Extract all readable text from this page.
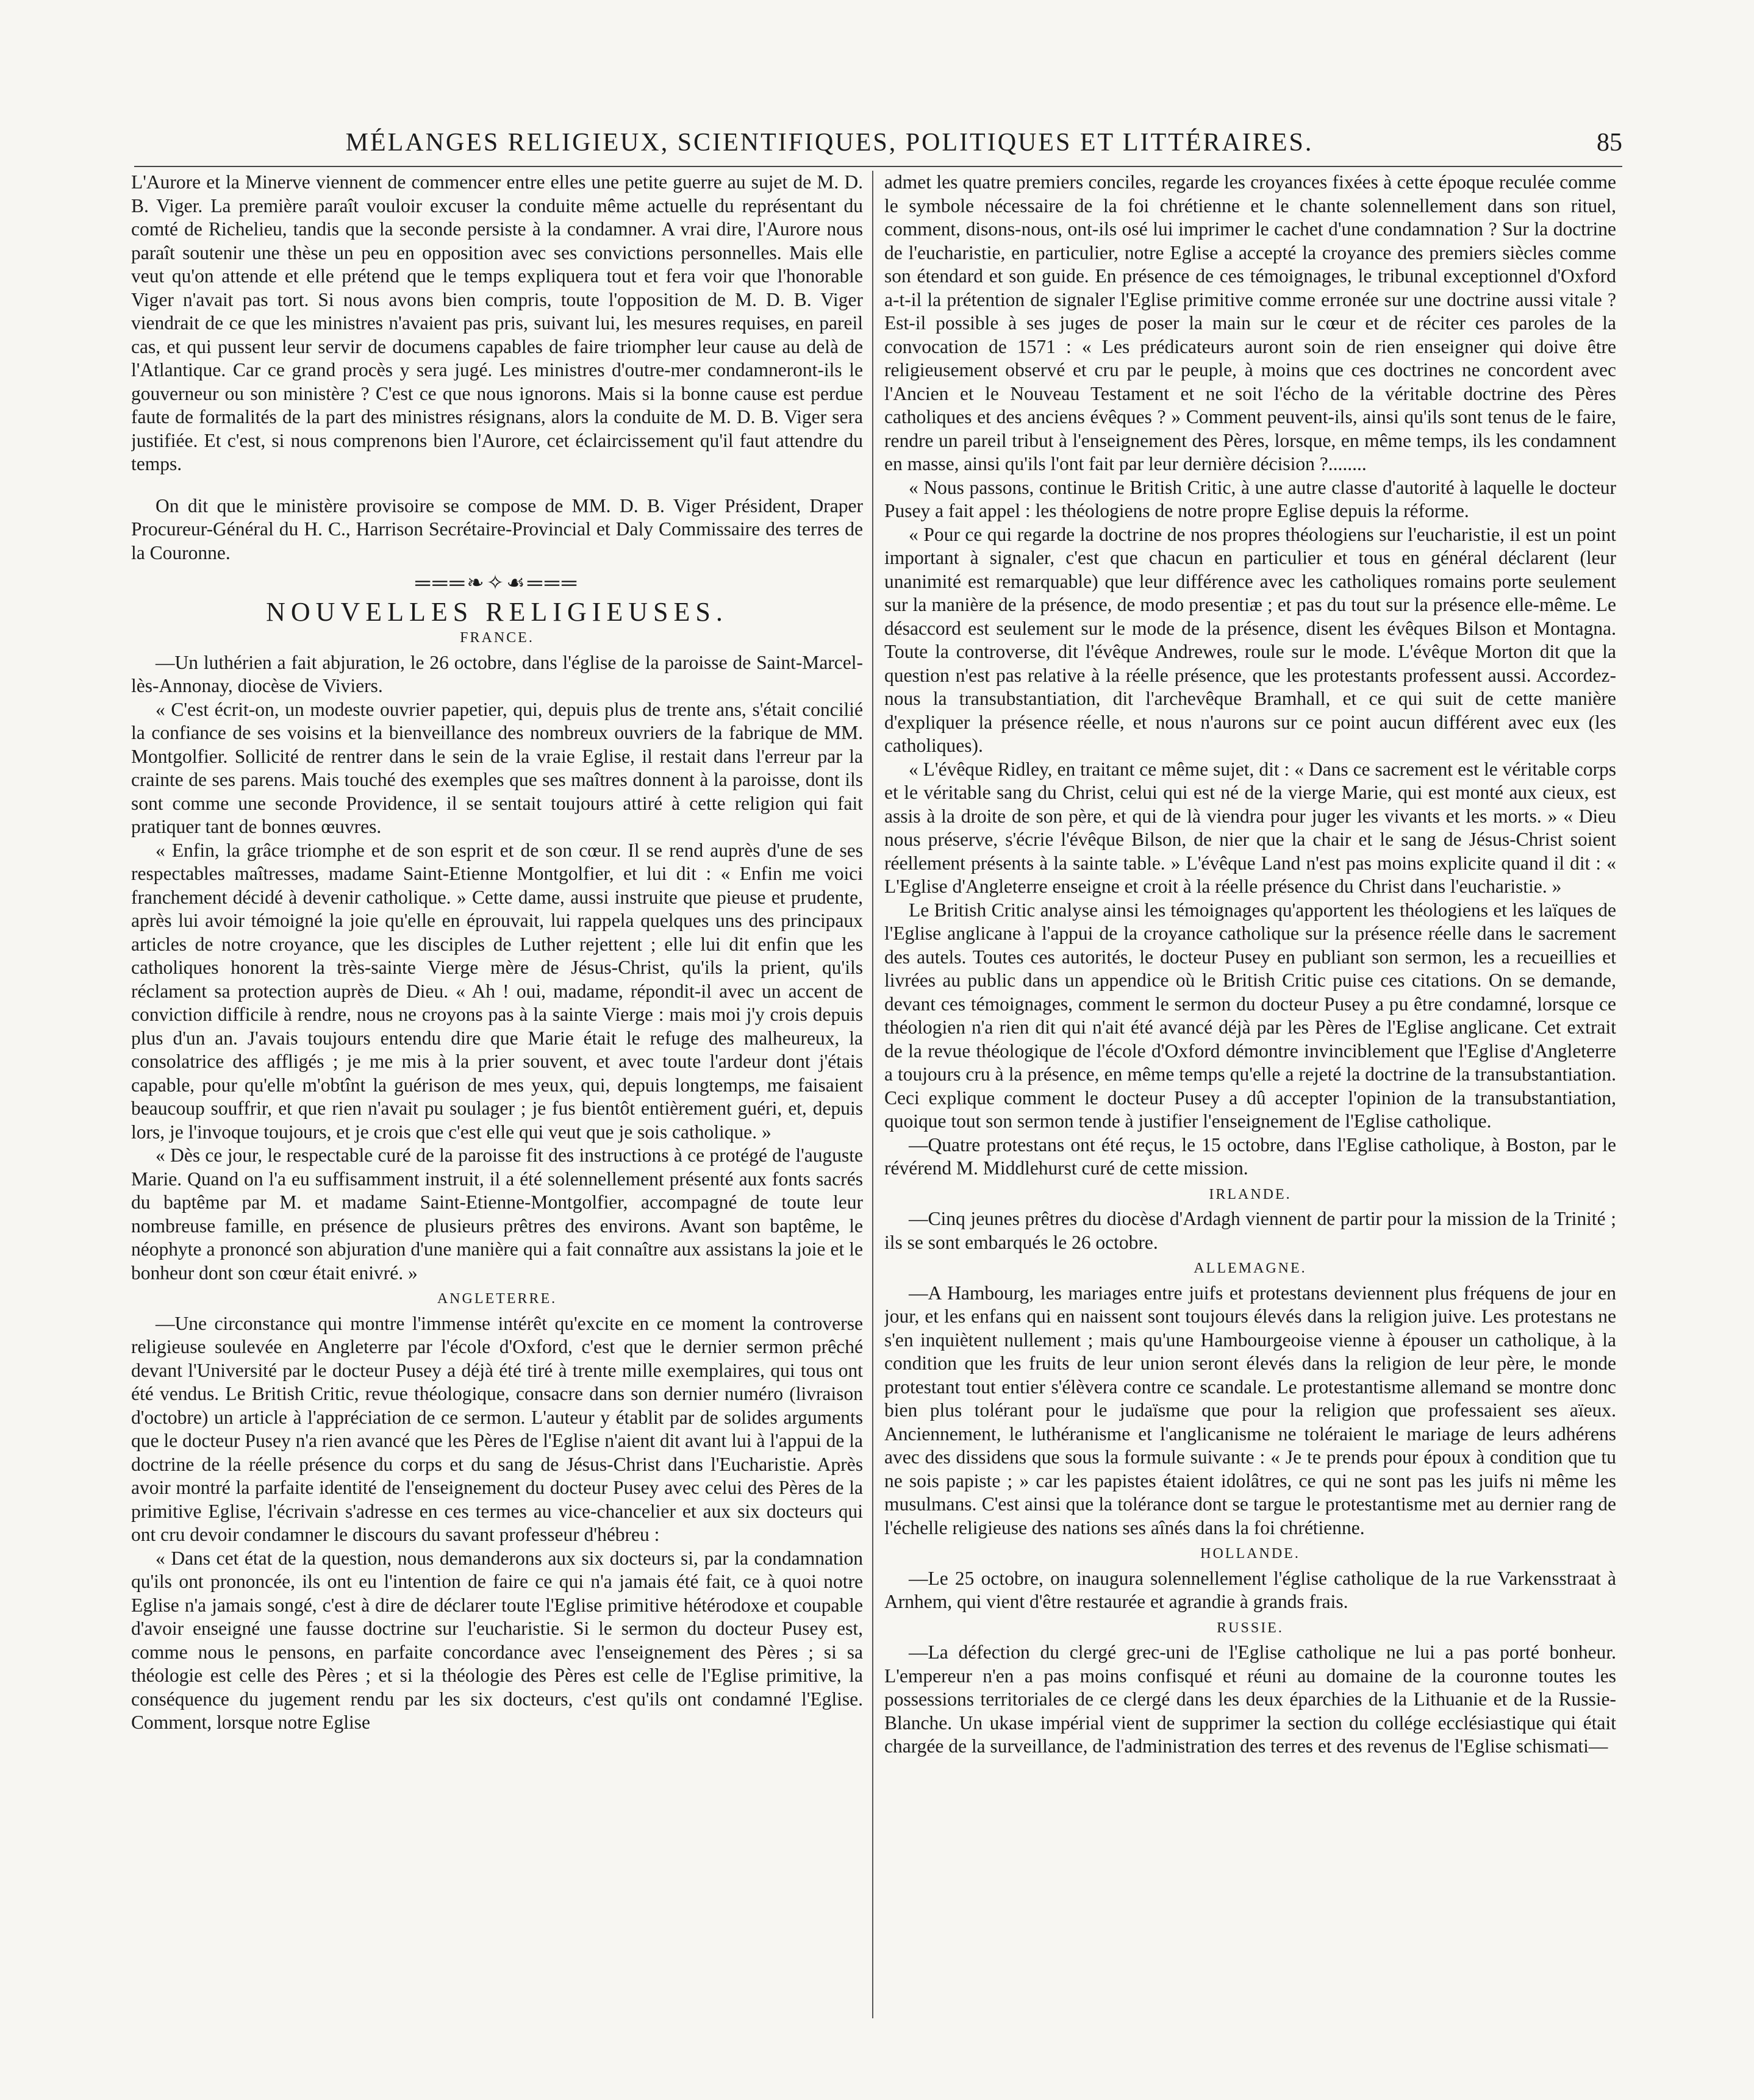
MÉLANGES RELIGIEUX, SCIENTIFIQUES, POLITIQUES ET LITTÉRAIRES.	85

L'Aurore et la Minerve viennent de commencer entre elles une petite guerre au sujet de M. D. B. Viger. La première paraît vouloir excuser la conduite même actuelle du représentant du comté de Richelieu, tandis que la seconde persiste à la condamner. A vrai dire, l'Aurore nous paraît soutenir une thèse un peu en opposition avec ses convictions personnelles. Mais elle veut qu'on attende et elle prétend que le temps expliquera tout et fera voir que l'honorable Viger n'avait pas tort. Si nous avons bien compris, toute l'opposition de M. D. B. Viger viendrait de ce que les ministres n'avaient pas pris, suivant lui, les mesures requises, en pareil cas, et qui pussent leur servir de documens capables de faire triompher leur cause au delà de l'Atlantique. Car ce grand procès y sera jugé. Les ministres d'outre-mer condamneront-ils le gouverneur ou son ministère ? C'est ce que nous ignorons. Mais si la bonne cause est perdue faute de formalités de la part des ministres résignans, alors la conduite de M. D. B. Viger sera justifiée. Et c'est, si nous comprenons bien l'Aurore, cet éclaircissement qu'il faut attendre du temps.

On dit que le ministère provisoire se compose de MM. D. B. Viger Président, Draper Procureur-Général du H. C., Harrison Secrétaire-Provincial et Daly Commissaire des terres de la Couronne.

═══❧✧☙═══
NOUVELLES RELIGIEUSES.
FRANCE.

—Un luthérien a fait abjuration, le 26 octobre, dans l'église de la paroisse de Saint-Marcel-lès-Annonay, diocèse de Viviers.

« C'est écrit-on, un modeste ouvrier papetier, qui, depuis plus de trente ans, s'était concilié la confiance de ses voisins et la bienveillance des nombreux ouvriers de la fabrique de MM. Montgolfier. Sollicité de rentrer dans le sein de la vraie Eglise, il restait dans l'erreur par la crainte de ses parens. Mais touché des exemples que ses maîtres donnent à la paroisse, dont ils sont comme une seconde Providence, il se sentait toujours attiré à cette religion qui fait pratiquer tant de bonnes œuvres.

« Enfin, la grâce triomphe et de son esprit et de son cœur. Il se rend auprès d'une de ses respectables maîtresses, madame Saint-Etienne Montgolfier, et lui dit : « Enfin me voici franchement décidé à devenir catholique. » Cette dame, aussi instruite que pieuse et prudente, après lui avoir témoigné la joie qu'elle en éprouvait, lui rappela quelques uns des principaux articles de notre croyance, que les disciples de Luther rejettent ; elle lui dit enfin que les catholiques honorent la très-sainte Vierge mère de Jésus-Christ, qu'ils la prient, qu'ils réclament sa protection auprès de Dieu. « Ah ! oui, madame, répondit-il avec un accent de conviction difficile à rendre, nous ne croyons pas à la sainte Vierge : mais moi j'y crois depuis plus d'un an. J'avais toujours entendu dire que Marie était le refuge des malheureux, la consolatrice des affligés ; je me mis à la prier souvent, et avec toute l'ardeur dont j'étais capable, pour qu'elle m'obtînt la guérison de mes yeux, qui, depuis longtemps, me faisaient beaucoup souffrir, et que rien n'avait pu soulager ; je fus bientôt entièrement guéri, et, depuis lors, je l'invoque toujours, et je crois que c'est elle qui veut que je sois catholique. »

« Dès ce jour, le respectable curé de la paroisse fit des instructions à ce protégé de l'auguste Marie. Quand on l'a eu suffisamment instruit, il a été solennellement présenté aux fonts sacrés du baptême par M. et madame Saint-Etienne-Montgolfier, accompagné de toute leur nombreuse famille, en présence de plusieurs prêtres des environs. Avant son baptême, le néophyte a prononcé son abjuration d'une manière qui a fait connaître aux assistans la joie et le bonheur dont son cœur était enivré. »

ANGLETERRE.

—Une circonstance qui montre l'immense intérêt qu'excite en ce moment la controverse religieuse soulevée en Angleterre par l'école d'Oxford, c'est que le dernier sermon prêché devant l'Université par le docteur Pusey a déjà été tiré à trente mille exemplaires, qui tous ont été vendus. Le British Critic, revue théologique, consacre dans son dernier numéro (livraison d'octobre) un article à l'appréciation de ce sermon. L'auteur y établit par de solides arguments que le docteur Pusey n'a rien avancé que les Pères de l'Eglise n'aient dit avant lui à l'appui de la doctrine de la réelle présence du corps et du sang de Jésus-Christ dans l'Eucharistie. Après avoir montré la parfaite identité de l'enseignement du docteur Pusey avec celui des Pères de la primitive Eglise, l'écrivain s'adresse en ces termes au vice-chancelier et aux six docteurs qui ont cru devoir condamner le discours du savant professeur d'hébreu :

« Dans cet état de la question, nous demanderons aux six docteurs si, par la condamnation qu'ils ont prononcée, ils ont eu l'intention de faire ce qui n'a jamais été fait, ce à quoi notre Eglise n'a jamais songé, c'est à dire de déclarer toute l'Eglise primitive hétérodoxe et coupable d'avoir enseigné une fausse doctrine sur l'eucharistie. Si le sermon du docteur Pusey est, comme nous le pensons, en parfaite concordance avec l'enseignement des Pères ; si sa théologie est celle des Pères ; et si la théologie des Pères est celle de l'Eglise primitive, la conséquence du jugement rendu par les six docteurs, c'est qu'ils ont condamné l'Eglise. Comment, lorsque notre Eglise

admet les quatre premiers conciles, regarde les croyances fixées à cette époque reculée comme le symbole nécessaire de la foi chrétienne et le chante solennellement dans son rituel, comment, disons-nous, ont-ils osé lui imprimer le cachet d'une condamnation ? Sur la doctrine de l'eucharistie, en particulier, notre Eglise a accepté la croyance des premiers siècles comme son étendard et son guide. En présence de ces témoignages, le tribunal exceptionnel d'Oxford a-t-il la prétention de signaler l'Eglise primitive comme erronée sur une doctrine aussi vitale ? Est-il possible à ses juges de poser la main sur le cœur et de réciter ces paroles de la convocation de 1571 : « Les prédicateurs auront soin de rien enseigner qui doive être religieusement observé et cru par le peuple, à moins que ces doctrines ne concordent avec l'Ancien et le Nouveau Testament et ne soit l'écho de la véritable doctrine des Pères catholiques et des anciens évêques ? » Comment peuvent-ils, ainsi qu'ils sont tenus de le faire, rendre un pareil tribut à l'enseignement des Pères, lorsque, en même temps, ils les condamnent en masse, ainsi qu'ils l'ont fait par leur dernière décision ?........

« Nous passons, continue le British Critic, à une autre classe d'autorité à laquelle le docteur Pusey a fait appel : les théologiens de notre propre Eglise depuis la réforme.

« Pour ce qui regarde la doctrine de nos propres théologiens sur l'eucharistie, il est un point important à signaler, c'est que chacun en particulier et tous en général déclarent (leur unanimité est remarquable) que leur différence avec les catholiques romains porte seulement sur la manière de la présence, de modo presentiæ ; et pas du tout sur la présence elle-même. Le désaccord est seulement sur le mode de la présence, disent les évêques Bilson et Montagna. Toute la controverse, dit l'évêque Andrewes, roule sur le mode. L'évêque Morton dit que la question n'est pas relative à la réelle présence, que les protestants professent aussi. Accordez-nous la transubstantiation, dit l'archevêque Bramhall, et ce qui suit de cette manière d'expliquer la présence réelle, et nous n'aurons sur ce point aucun différent avec eux (les catholiques).

« L'évêque Ridley, en traitant ce même sujet, dit : « Dans ce sacrement est le véritable corps et le véritable sang du Christ, celui qui est né de la vierge Marie, qui est monté aux cieux, est assis à la droite de son père, et qui de là viendra pour juger les vivants et les morts. » « Dieu nous préserve, s'écrie l'évêque Bilson, de nier que la chair et le sang de Jésus-Christ soient réellement présents à la sainte table. » L'évêque Land n'est pas moins explicite quand il dit : « L'Eglise d'Angleterre enseigne et croit à la réelle présence du Christ dans l'eucharistie. »

Le British Critic analyse ainsi les témoignages qu'apportent les théologiens et les laïques de l'Eglise anglicane à l'appui de la croyance catholique sur la présence réelle dans le sacrement des autels. Toutes ces autorités, le docteur Pusey en publiant son sermon, les a recueillies et livrées au public dans un appendice où le British Critic puise ces citations. On se demande, devant ces témoignages, comment le sermon du docteur Pusey a pu être condamné, lorsque ce théologien n'a rien dit qui n'ait été avancé déjà par les Pères de l'Eglise anglicane. Cet extrait de la revue théologique de l'école d'Oxford démontre invinciblement que l'Eglise d'Angleterre a toujours cru à la présence, en même temps qu'elle a rejeté la doctrine de la transubstantiation. Ceci explique comment le docteur Pusey a dû accepter l'opinion de la transubstantiation, quoique tout son sermon tende à justifier l'enseignement de l'Eglise catholique.

—Quatre protestans ont été reçus, le 15 octobre, dans l'Eglise catholique, à Boston, par le révérend M. Middlehurst curé de cette mission.

IRLANDE.

—Cinq jeunes prêtres du diocèse d'Ardagh viennent de partir pour la mission de la Trinité ; ils se sont embarqués le 26 octobre.

ALLEMAGNE.

—A Hambourg, les mariages entre juifs et protestans deviennent plus fréquens de jour en jour, et les enfans qui en naissent sont toujours élevés dans la religion juive. Les protestans ne s'en inquiètent nullement ; mais qu'une Hambourgeoise vienne à épouser un catholique, à la condition que les fruits de leur union seront élevés dans la religion de leur père, le monde protestant tout entier s'élèvera contre ce scandale. Le protestantisme allemand se montre donc bien plus tolérant pour le judaïsme que pour la religion que professaient ses aïeux. Anciennement, le luthéranisme et l'anglicanisme ne toléraient le mariage de leurs adhérens avec des dissidens que sous la formule suivante : « Je te prends pour époux à condition que tu ne sois papiste ; » car les papistes étaient idolâtres, ce qui ne sont pas les juifs ni même les musulmans. C'est ainsi que la tolérance dont se targue le protestantisme met au dernier rang de l'échelle religieuse des nations ses aînés dans la foi chrétienne.

HOLLANDE.

—Le 25 octobre, on inaugura solennellement l'église catholique de la rue Varkensstraat à Arnhem, qui vient d'être restaurée et agrandie à grands frais.

RUSSIE.

—La défection du clergé grec-uni de l'Eglise catholique ne lui a pas porté bonheur. L'empereur n'en a pas moins confisqué et réuni au domaine de la couronne toutes les possessions territoriales de ce clergé dans les deux éparchies de la Lithuanie et de la Russie-Blanche. Un ukase impérial vient de supprimer la section du collége ecclésiastique qui était chargée de la surveillance, de l'administration des terres et des revenus de l'Eglise schismati—
